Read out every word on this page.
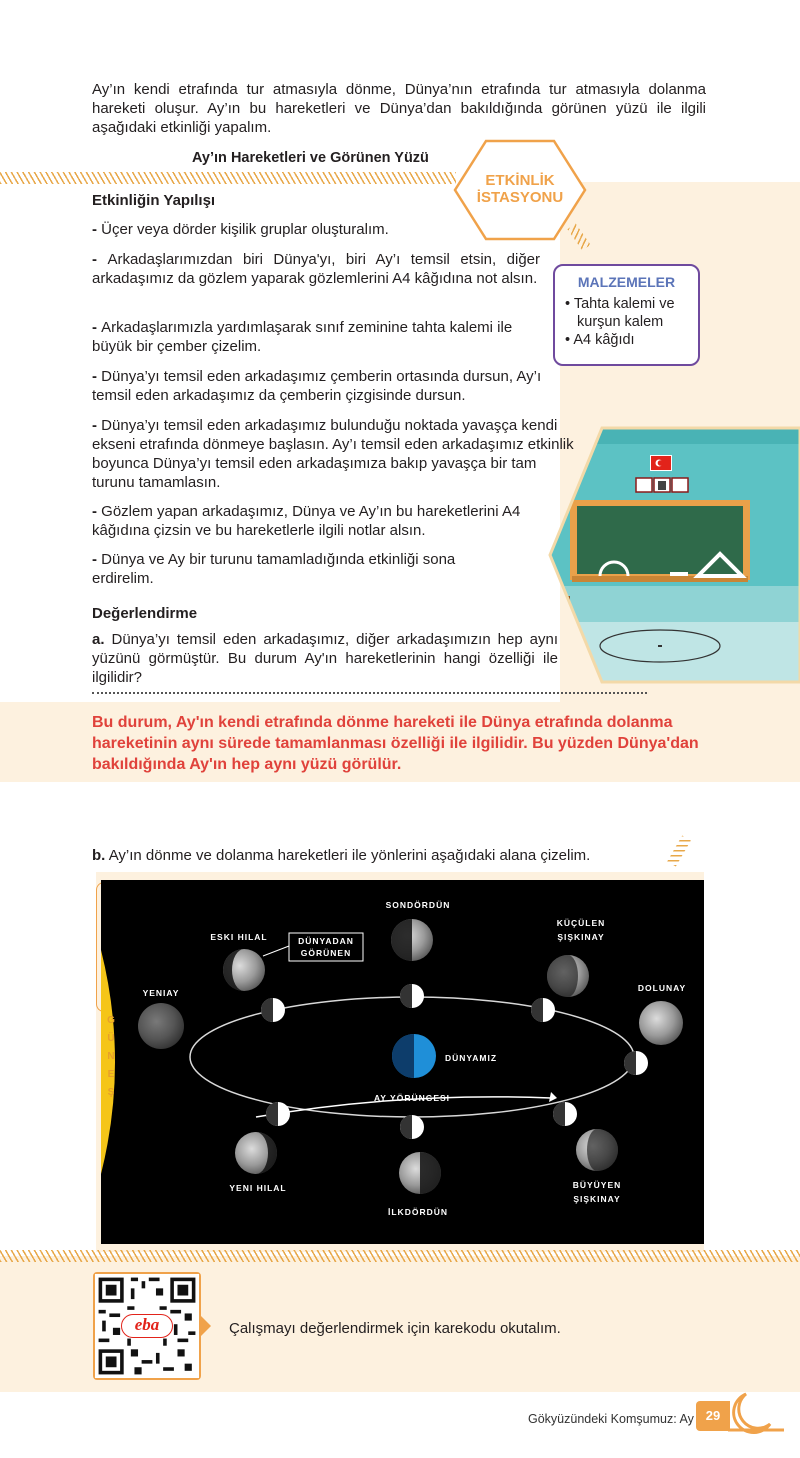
Ay’ın kendi etrafında tur atmasıyla dönme, Dünya’nın etrafında tur atmasıyla dolanma hareketi oluşur. Ay’ın bu hareketleri ve Dünya’dan bakıldığında görünen yüzü ile ilgili aşağıdaki etkinliği yapalım.

Ay’ın Hareketleri ve Görünen Yüzü
ETKİNLİK
İSTASYONU
Etkinliğin Yapılışı
- Üçer veya dörder kişilik gruplar oluşturalım.
- Arkadaşlarımızdan biri Dünya'yı, biri Ay’ı temsil etsin, diğer arkadaşımız da gözlem yaparak gözlemlerini A4 kâğıdına not alsın.
- Arkadaşlarımızla yardımlaşarak sınıf zeminine tahta kalemi ile büyük bir çember çizelim.
- Dünya’yı temsil eden arkadaşımız çemberin ortasında dursun, Ay’ı temsil eden arkadaşımız da çemberin çizgisinde dursun.
- Dünya’yı temsil eden arkadaşımız bulunduğu noktada yavaşça kendi ekseni etrafında dönmeye başlasın. Ay’ı temsil eden arkadaşımız etkinlik boyunca Dünya’yı temsil eden arkadaşımıza bakıp yavaşça bir tam turunu tamamlasın.
- Gözlem yapan arkadaşımız, Dünya ve Ay’ın bu hareketlerini A4 kâğıdına çizsin ve bu hareketlerle ilgili notlar alsın.
- Dünya ve Ay bir turunu tamamladığında etkinliği sona erdirelim.
MALZEMELER
• Tahta kalemi ve kurşun kalem
• A4 kâğıdı
Değerlendirme
a. Dünya’yı temsil eden arkadaşımız, diğer arkadaşımızın hep aynı yüzünü görmüştür. Bu durum Ay'ın hareketlerinin hangi özelliği ile ilgilidir?
Bu durum, Ay'ın kendi etrafında dönme hareketi ile Dünya etrafında dolanma hareketinin aynı sürede tamamlanması özelliği ile ilgilidir. Bu yüzden Dünya'dan bakıldığında Ay'ın hep aynı yüzü görülür.
b. Ay’ın dönme ve dolanma hareketleri ile yönlerini aşağıdaki alana çizelim.
G
Ü
N
E
Ş
SONDÖRDÜN
ESKI HILAL	DÜNYADAN
GÖRÜNEN
KÜÇÜLEN
ŞIŞKINAY
YENIAY	DOLUNAY
DÜNYAMIZ
AY YÖRÜNGESI
YENI HILAL
İLKDÖRDÜN
BÜYÜYEN
ŞIŞKINAY
eba	Çalışmayı değerlendirmek için karekodu okutalım.
Gökyüzündeki Komşumuz: Ay 29
